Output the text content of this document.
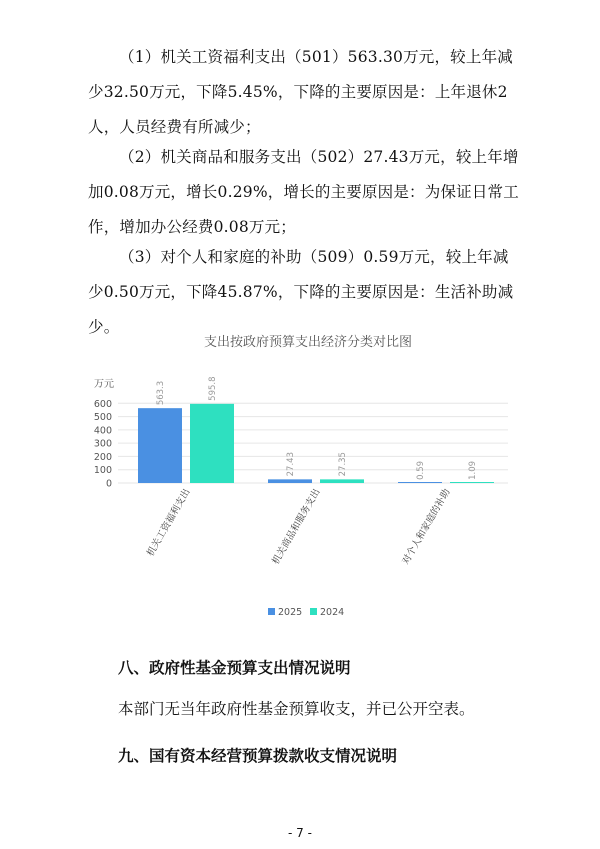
（1）机关工资福利支出（501）563.30万元，较上年减少32.50万元，下降5.45%，下降的主要原因是：上年退休2人，人员经费有所减少；

（2）机关商品和服务支出（502）27.43万元，较上年增加0.08万元，增长0.29%，增长的主要原因是：为保证日常工作，增加办公经费0.08万元；

（3）对个人和家庭的补助（509）0.59万元，较上年减少0.50万元，下降45.87%，下降的主要原因是：生活补助减少。

支出按政府预算支出经济分类对比图
万元
0
100
200
300
400
500
600	563.3	595.8
27.43	27.35	0.59	1.09
机关工资福利支出	机关商品和服务支出	对个人和家庭的补助
2025 2024

八、政府性基金预算支出情况说明

本部门无当年政府性基金预算收支，并已公开空表。

九、国有资本经营预算拨款收支情况说明

- 7 -
